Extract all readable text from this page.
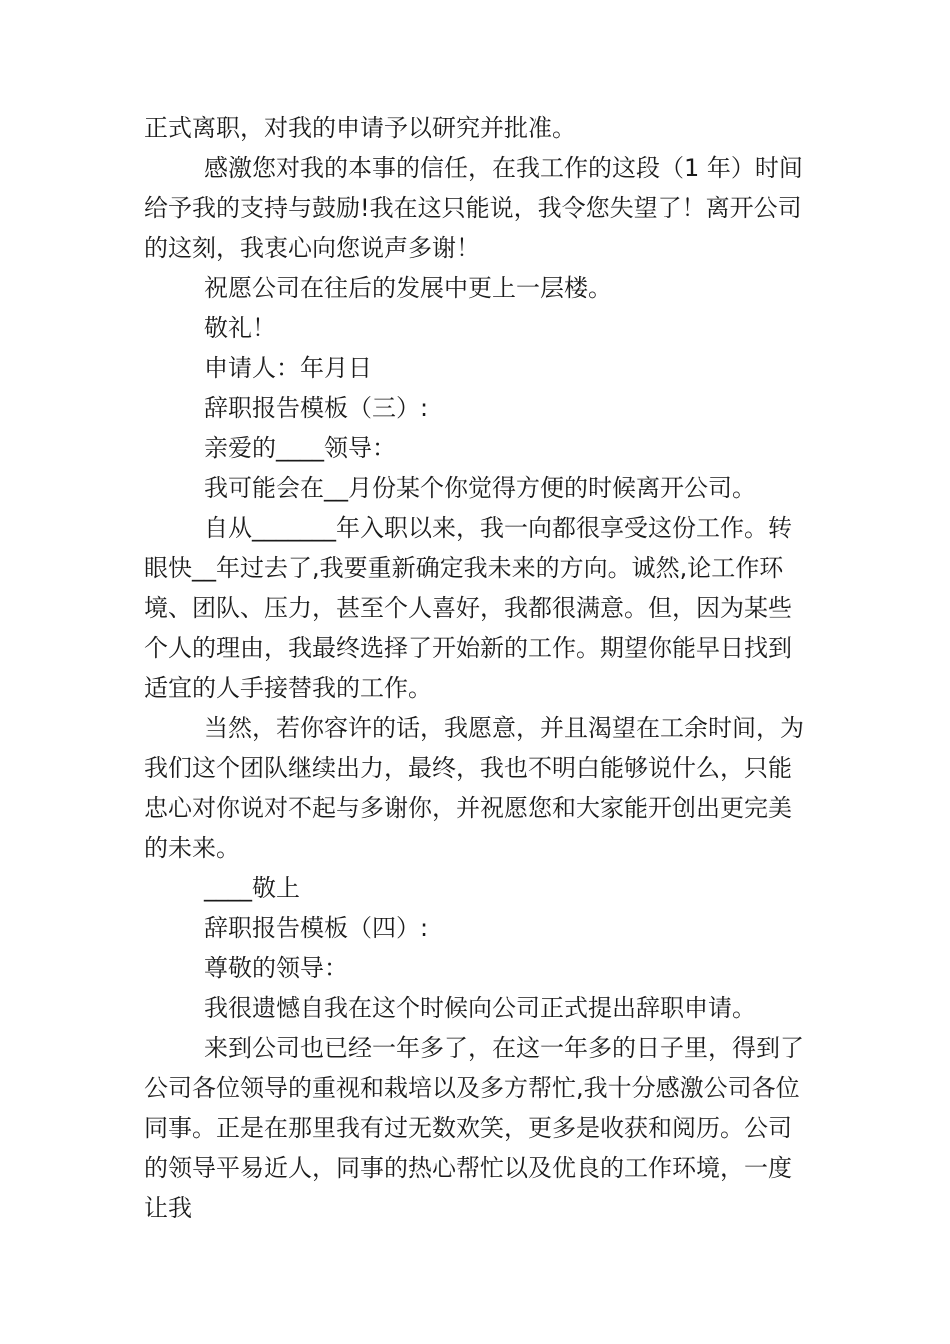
正式离职，对我的申请予以研究并批准。

感激您对我的本事的信任，在我工作的这段（1 年）时间给予我的支持与鼓励!我在这只能说，我令您失望了！离开公司的这刻，我衷心向您说声多谢！

祝愿公司在往后的发展中更上一层楼。

敬礼！

申请人：年月日

辞职报告模板（三）:

亲爱的____领导：

我可能会在__月份某个你觉得方便的时候离开公司。

自从_______年入职以来，我一向都很享受这份工作。转眼快__年过去了,我要重新确定我未来的方向。诚然,论工作环境、团队、压力，甚至个人喜好，我都很满意。但，因为某些个人的理由，我最终选择了开始新的工作。期望你能早日找到适宜的人手接替我的工作。

当然，若你容许的话，我愿意，并且渴望在工余时间，为我们这个团队继续出力，最终，我也不明白能够说什么，只能忠心对你说对不起与多谢你，并祝愿您和大家能开创出更完美的未来。

____敬上

辞职报告模板（四）:

尊敬的领导：

我很遗憾自我在这个时候向公司正式提出辞职申请。

来到公司也已经一年多了，在这一年多的日子里，得到了公司各位领导的重视和栽培以及多方帮忙,我十分感激公司各位同事。正是在那里我有过无数欢笑，更多是收获和阅历。公司的领导平易近人，同事的热心帮忙以及优良的工作环境，一度让我
